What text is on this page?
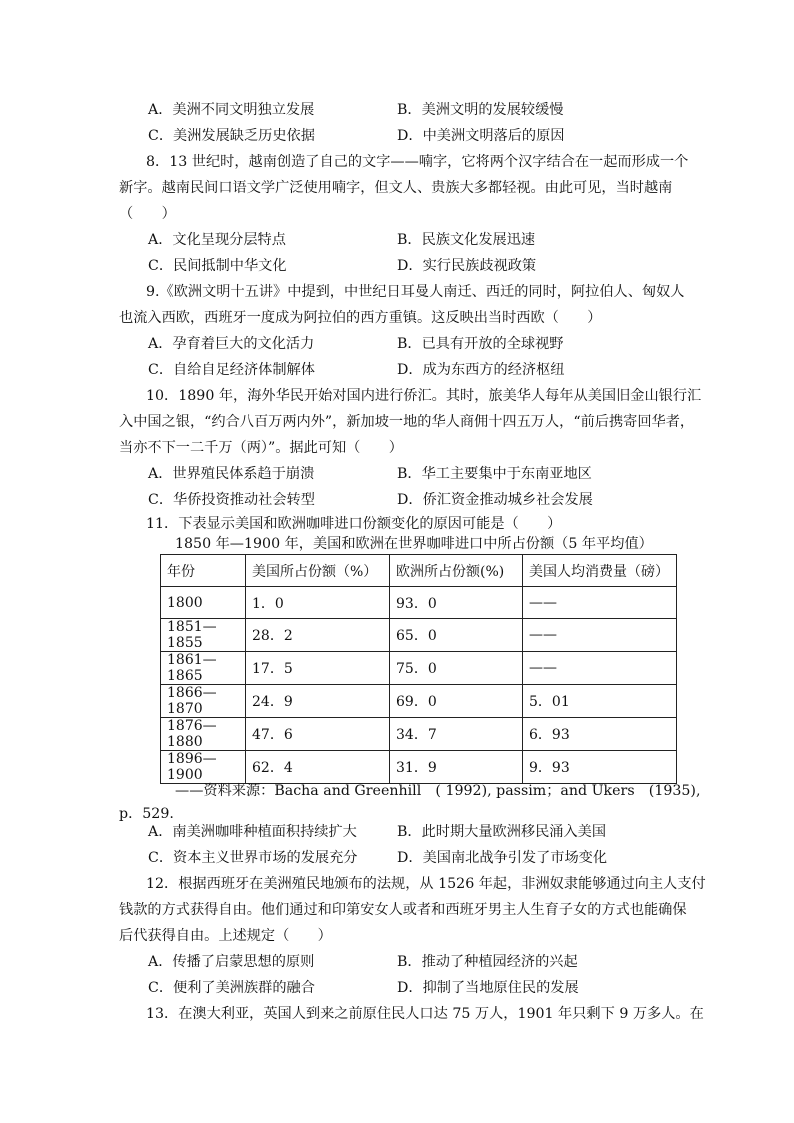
A．美洲不同文明独立发展	B．美洲文明的发展较缓慢
C．美洲发展缺乏历史依据	D．中美洲文明落后的原因
8．13 世纪时，越南创造了自己的文字——喃字，它将两个汉字结合在一起而形成一个
新字。越南民间口语文学广泛使用喃字，但文人、贵族大多都轻视。由此可见，当时越南
（　　）
A．文化呈现分层特点	B．民族文化发展迅速
C．民间抵制中华文化	D．实行民族歧视政策
9.《欧洲文明十五讲》中提到，中世纪日耳曼人南迁、西迁的同时，阿拉伯人、匈奴人
也流入西欧，西班牙一度成为阿拉伯的西方重镇。这反映出当时西欧（　　）
A．孕育着巨大的文化活力	B．已具有开放的全球视野
C．自给自足经济体制解体	D．成为东西方的经济枢纽
10．1890 年，海外华民开始对国内进行侨汇。其时，旅美华人每年从美国旧金山银行汇
入中国之银，“约合八百万两内外”，新加坡一地的华人商佣十四五万人，“前后携寄回华者，
当亦不下一二千万（两）”。据此可知（　　）
A．世界殖民体系趋于崩溃	B．华工主要集中于东南亚地区
C．华侨投资推动社会转型	D．侨汇资金推动城乡社会发展
11．下表显示美国和欧洲咖啡进口份额变化的原因可能是（　　）
1850 年—1900 年，美国和欧洲在世界咖啡进口中所占份额（5 年平均值）
年份	美国所占份额（%）	欧洲所占份额(%)	美国人均消费量（磅）
1800	1．0	93．0	——
1851—1855	28．2	65．0	——
1861—1865	17．5	75．0	——
1866—1870	24．9	69．0	5．01
1876—1880	47．6	34．7	6．93
1896—1900	62．4	31．9	9．93
——资料来源：Bacha and Greenhill　( 1992), passim；and Ukers　(1935),
p．529.
A．南美洲咖啡种植面积持续扩大	B．此时期大量欧洲移民涌入美国
C．资本主义世界市场的发展充分	D．美国南北战争引发了市场变化
12．根据西班牙在美洲殖民地颁布的法规，从 1526 年起，非洲奴隶能够通过向主人支付
钱款的方式获得自由。他们通过和印第安女人或者和西班牙男主人生育子女的方式也能确保
后代获得自由。上述规定（　　）
A．传播了启蒙思想的原则	B．推动了种植园经济的兴起
C．便利了美洲族群的融合	D．抑制了当地原住民的发展
13．在澳大利亚，英国人到来之前原住民人口达 75 万人，1901 年只剩下 9 万多人。在
